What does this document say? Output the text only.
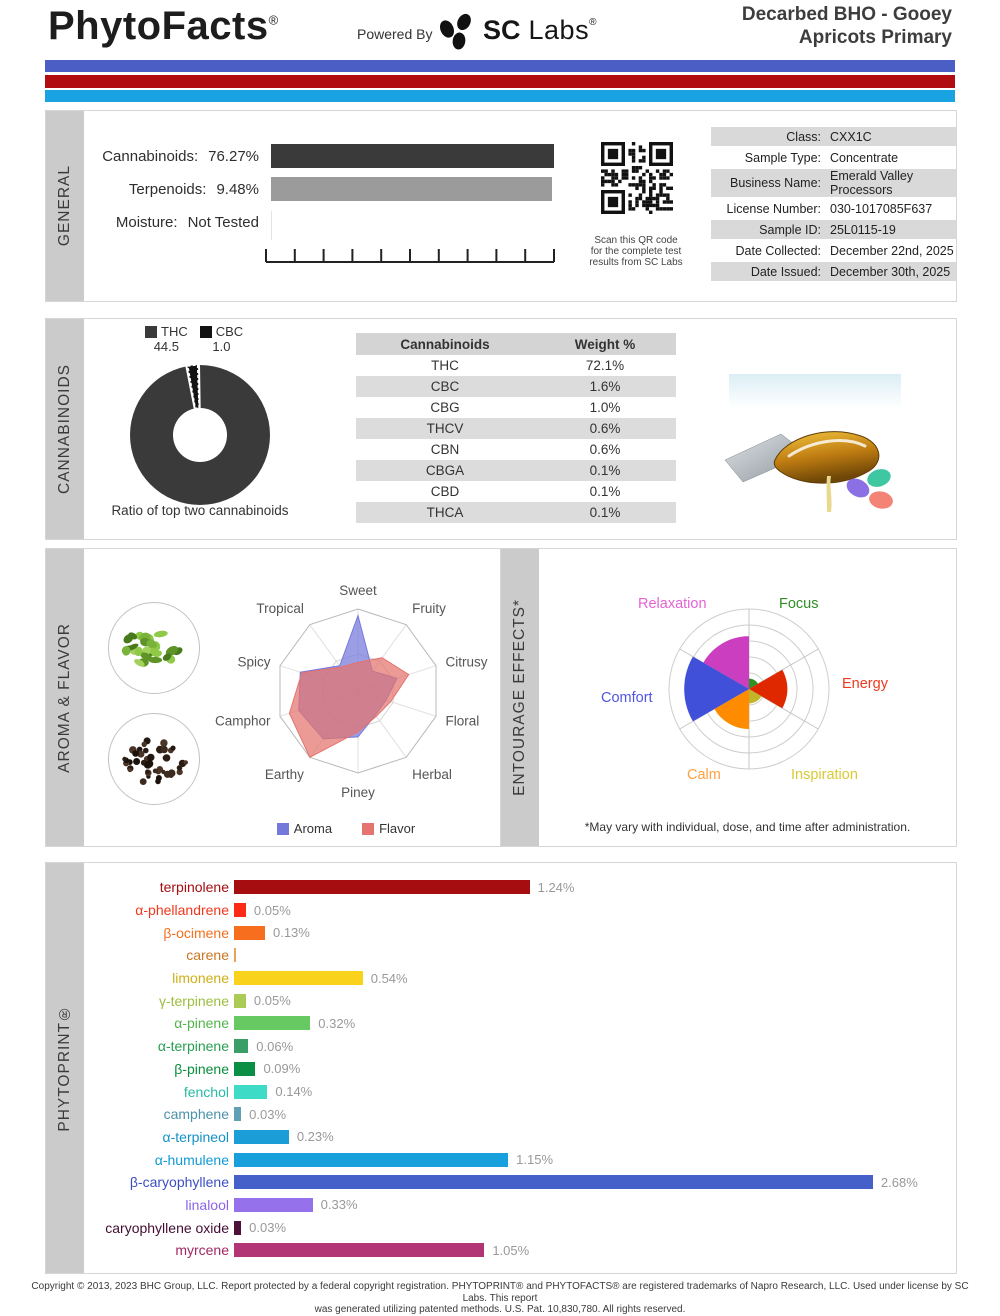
PhytoFacts®
Powered By SC Labs®	Decarbed BHO - Gooey
Apricots Primary
GENERAL
Cannabinoids: 76.27%
Terpenoids: 9.48%
Moisture: Not Tested
Scan this QR code
for the complete test
results from SC Labs
Class: CXX1C
Sample Type: Concentrate
Business Name: Emerald Valley Processors
License Number: 030-1017085F637
Sample ID: 25L0115-19
Date Collected: December 22nd, 2025
Date Issued: December 30th, 2025
CANNABINOIDS
THC
44.5
CBC
1.0
Ratio of top two cannabinoids
Cannabinoids	Weight %
THC	72.1%
CBC	1.6%
CBG	1.0%
THCV	0.6%
CBN	0.6%
CBGA	0.1%
CBD	0.1%
THCA	0.1%
AROMA & FLAVOR
Sweet
Fruity
Citrusy
Floral
Herbal
Piney
Earthy
Camphor
Spicy
Tropical
Aroma	Flavor
ENTOURAGE EFFECTS*	Relaxation	Focus
Energy
Inspiration
Calm
Comfort
*May vary with individual, dose, and time after administration.
PHYTOPRINT®
terpinolene	1.24%
α-phellandrene	0.05%
β-ocimene	0.13%
carene
limonene	0.54%
γ-terpinene	0.05%
α-pinene	0.32%
α-terpinene	0.06%
β-pinene	0.09%
fenchol	0.14%
camphene	0.03%
α-terpineol	0.23%
α-humulene	1.15%
β-caryophyllene	2.68%
linalool	0.33%
caryophyllene oxide	0.03%
myrcene	1.05%
Copyright © 2013, 2023 BHC Group, LLC. Report protected by a federal copyright registration. PHYTOPRINT® and PHYTOFACTS® are registered trademarks of Napro Research, LLC. Used under license by SC Labs. This report
was generated utilizing patented methods. U.S. Pat. 10,830,780. All rights reserved.
